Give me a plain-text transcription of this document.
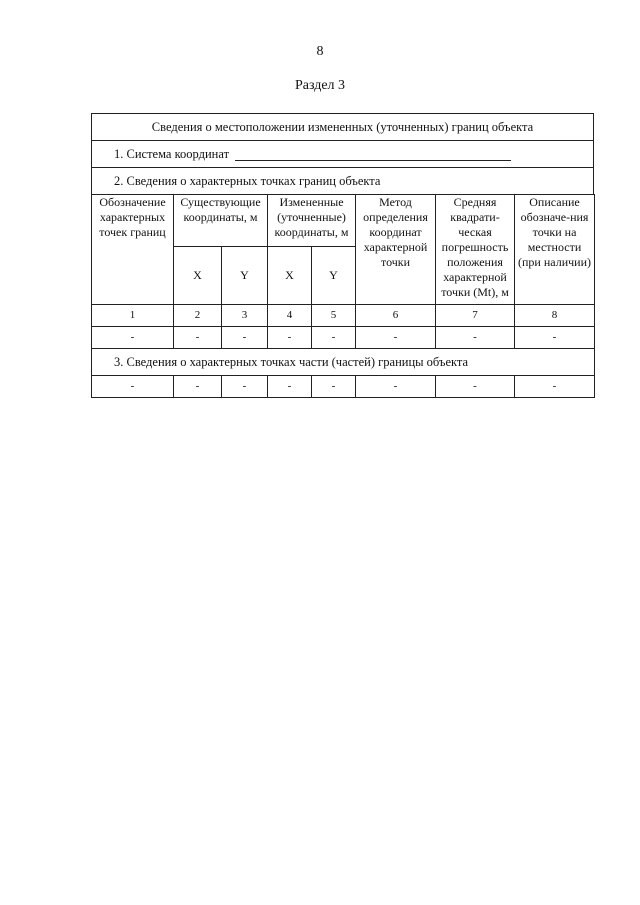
8
Раздел 3
Сведения о местоположении измененных (уточненных) границ объекта
1. Система координат
2. Сведения о характерных точках границ объекта
Обозначение характерных точек границ	Существующие координаты, м		Измененные (уточненные) координаты, м		Метод определения координат характерной точки	Средняя квадрати-ческая погрешность положения характерной точки (Mt), м	Описание обозначе-ния точки на местности (при наличии)
	X	Y	X	Y			
1	2	3	4	5	6	7	8
-	-	-	-	-	-	-	-
3. Сведения о характерных точках части (частей) границы объекта							
-	-	-	-	-	-	-	-
